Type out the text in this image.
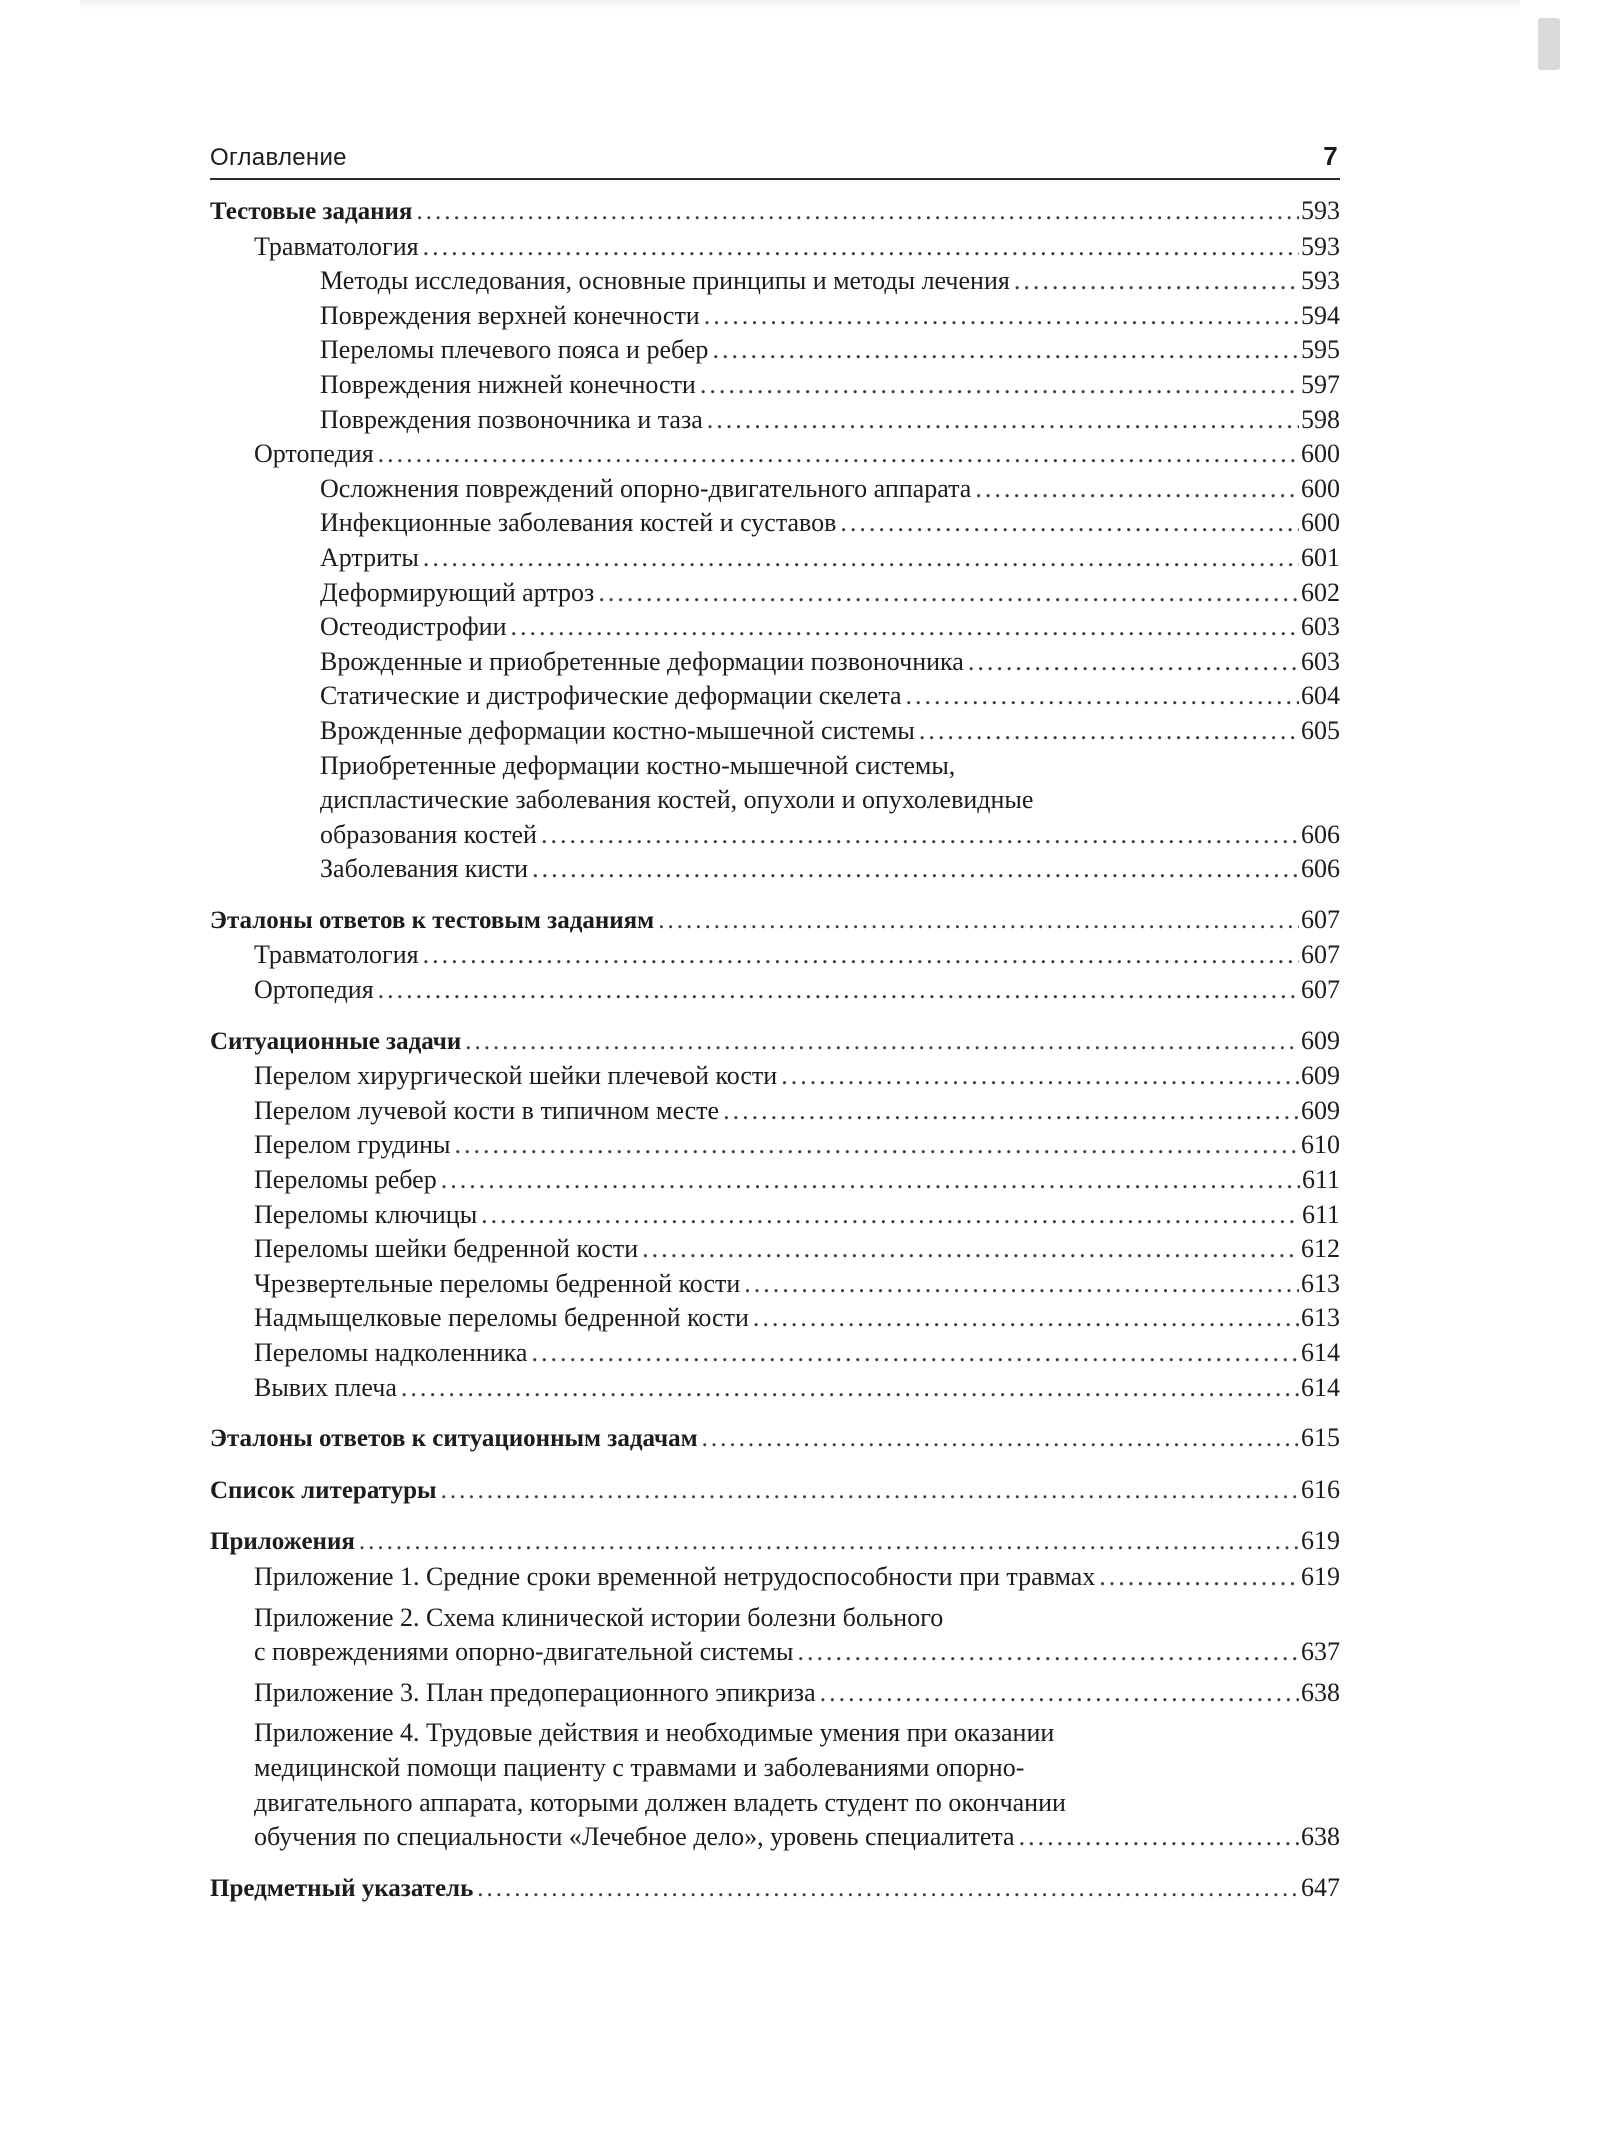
Оглавление	7
Тестовые задания .....	593
Травматология .....	593
Методы исследования, основные принципы и методы лечения .....	593
Повреждения верхней конечности .....	594
Переломы плечевого пояса и ребер .....	595
Повреждения нижней конечности .....	597
Повреждения позвоночника и таза .....	598
Ортопедия .....	600
Осложнения повреждений опорно-двигательного аппарата .....	600
Инфекционные заболевания костей и суставов .....	600
Артриты .....	601
Деформирующий артроз .....	602
Остеодистрофии .....	603
Врожденные и приобретенные деформации позвоночника .....	603
Статические и дистрофические деформации скелета .....	604
Врожденные деформации костно-мышечной системы .....	605
Приобретенные деформации костно-мышечной системы,
диспластические заболевания костей, опухоли и опухолевидные
образования костей .....	606
Заболевания кисти .....	606
Эталоны ответов к тестовым заданиям .....	607
Травматология .....	607
Ортопедия .....	607
Ситуационные задачи .....	609
Перелом хирургической шейки плечевой кости .....	609
Перелом лучевой кости в типичном месте .....	609
Перелом грудины .....	610
Переломы ребер .....	611
Переломы ключицы .....	611
Переломы шейки бедренной кости .....	612
Чрезвертельные переломы бедренной кости .....	613
Надмыщелковые переломы бедренной кости .....	613
Переломы надколенника .....	614
Вывих плеча .....	614
Эталоны ответов к ситуационным задачам .....	615
Список литературы .....	616
Приложения .....	619
Приложение 1. Средние сроки временной нетрудоспособности при травмах .....	619
Приложение 2. Схема клинической истории болезни больного
с повреждениями опорно-двигательной системы .....	637
Приложение 3. План предоперационного эпикриза .....	638
Приложение 4. Трудовые действия и необходимые умения при оказании
медицинской помощи пациенту с травмами и заболеваниями опорно-
двигательного аппарата, которыми должен владеть студент по окончании
обучения по специальности «Лечебное дело», уровень специалитета .....	638
Предметный указатель .....	647
